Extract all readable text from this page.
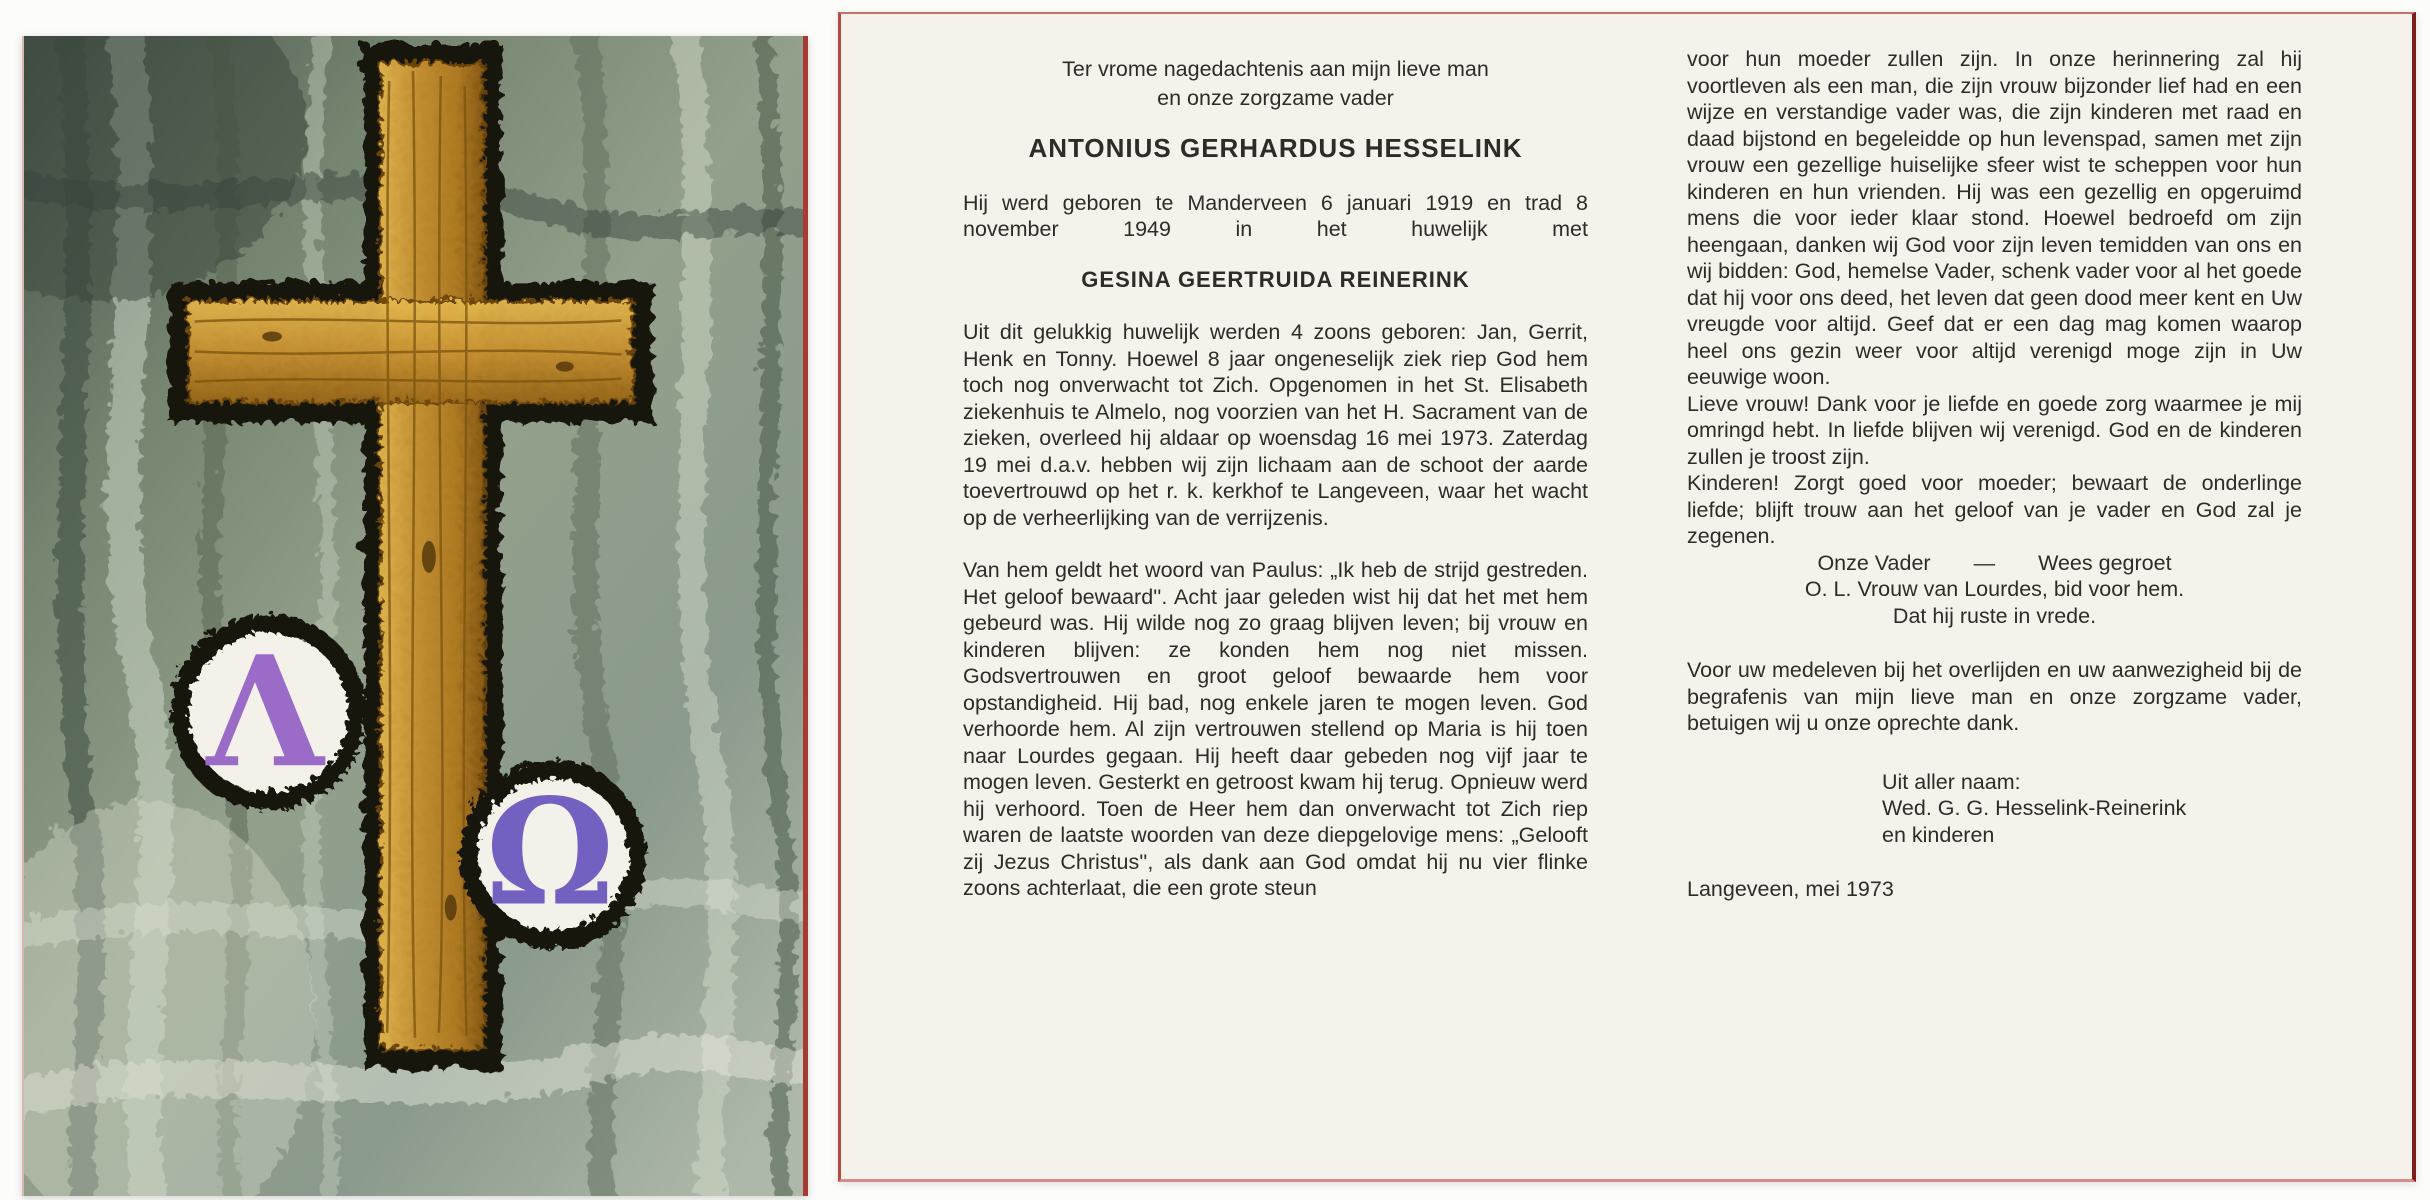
Λ
Ω

Ter vrome nagedachtenis aan mijn lieve man

en onze zorgzame vader

ANTONIUS GERHARDUS HESSELINK

Hij werd geboren te Manderveen 6 januari 1919 en trad 8 november 1949 in het huwelijk met

GESINA GEERTRUIDA REINERINK

Uit dit gelukkig huwelijk werden 4 zoons geboren: Jan, Gerrit, Henk en Tonny. Hoewel 8 jaar ongeneselijk ziek riep God hem toch nog onverwacht tot Zich. Opgenomen in het St. Elisabeth ziekenhuis te Almelo, nog voorzien van het H. Sacrament van de zieken, overleed hij aldaar op woensdag 16 mei 1973. Zaterdag 19 mei d.a.v. hebben wij zijn lichaam aan de schoot der aarde toevertrouwd op het r. k. kerkhof te Langeveen, waar het wacht op de verheerlijking van de verrijzenis.

Van hem geldt het woord van Paulus: „Ik heb de strijd gestreden. Het geloof bewaard''. Acht jaar geleden wist hij dat het met hem gebeurd was. Hij wilde nog zo graag blijven leven; bij vrouw en kinderen blijven: ze konden hem nog niet missen. Godsvertrouwen en groot geloof bewaarde hem voor opstandigheid. Hij bad, nog enkele jaren te mogen leven. God verhoorde hem. Al zijn vertrouwen stellend op Maria is hij toen naar Lourdes gegaan. Hij heeft daar gebeden nog vijf jaar te mogen leven. Gesterkt en getroost kwam hij terug. Opnieuw werd hij verhoord. Toen de Heer hem dan onverwacht tot Zich riep waren de laatste woorden van deze diepgelovige mens: „Gelooft zij Jezus Christus'', als dank aan God omdat hij nu vier flinke zoons achterlaat, die een grote steun

voor hun moeder zullen zijn. In onze herinnering zal hij voortleven als een man, die zijn vrouw bijzonder lief had en een wijze en verstandige vader was, die zijn kinderen met raad en daad bijstond en begeleidde op hun levenspad, samen met zijn vrouw een gezellige huiselijke sfeer wist te scheppen voor hun kinderen en hun vrienden. Hij was een gezellig en opgeruimd mens die voor ieder klaar stond. Hoewel bedroefd om zijn heengaan, danken wij God voor zijn leven temidden van ons en wij bidden: God, hemelse Vader, schenk vader voor al het goede dat hij voor ons deed, het leven dat geen dood meer kent en Uw vreugde voor altijd. Geef dat er een dag mag komen waarop heel ons gezin weer voor altijd verenigd moge zijn in Uw eeuwige woon.

Lieve vrouw! Dank voor je liefde en goede zorg waarmee je mij omringd hebt. In liefde blijven wij verenigd. God en de kinderen zullen je troost zijn.

Kinderen! Zorgt goed voor moeder; bewaart de onderlinge liefde; blijft trouw aan het geloof van je vader en God zal je zegenen.

Onze Vader  —  Wees gegroet

O. L. Vrouw van Lourdes, bid voor hem.

Dat hij ruste in vrede.

Voor uw medeleven bij het overlijden en uw aanwezigheid bij de begrafenis van mijn lieve man en onze zorgzame vader, betuigen wij u onze oprechte dank.

Uit aller naam:

Wed. G. G. Hesselink-Reinerink

en kinderen

Langeveen, mei 1973
